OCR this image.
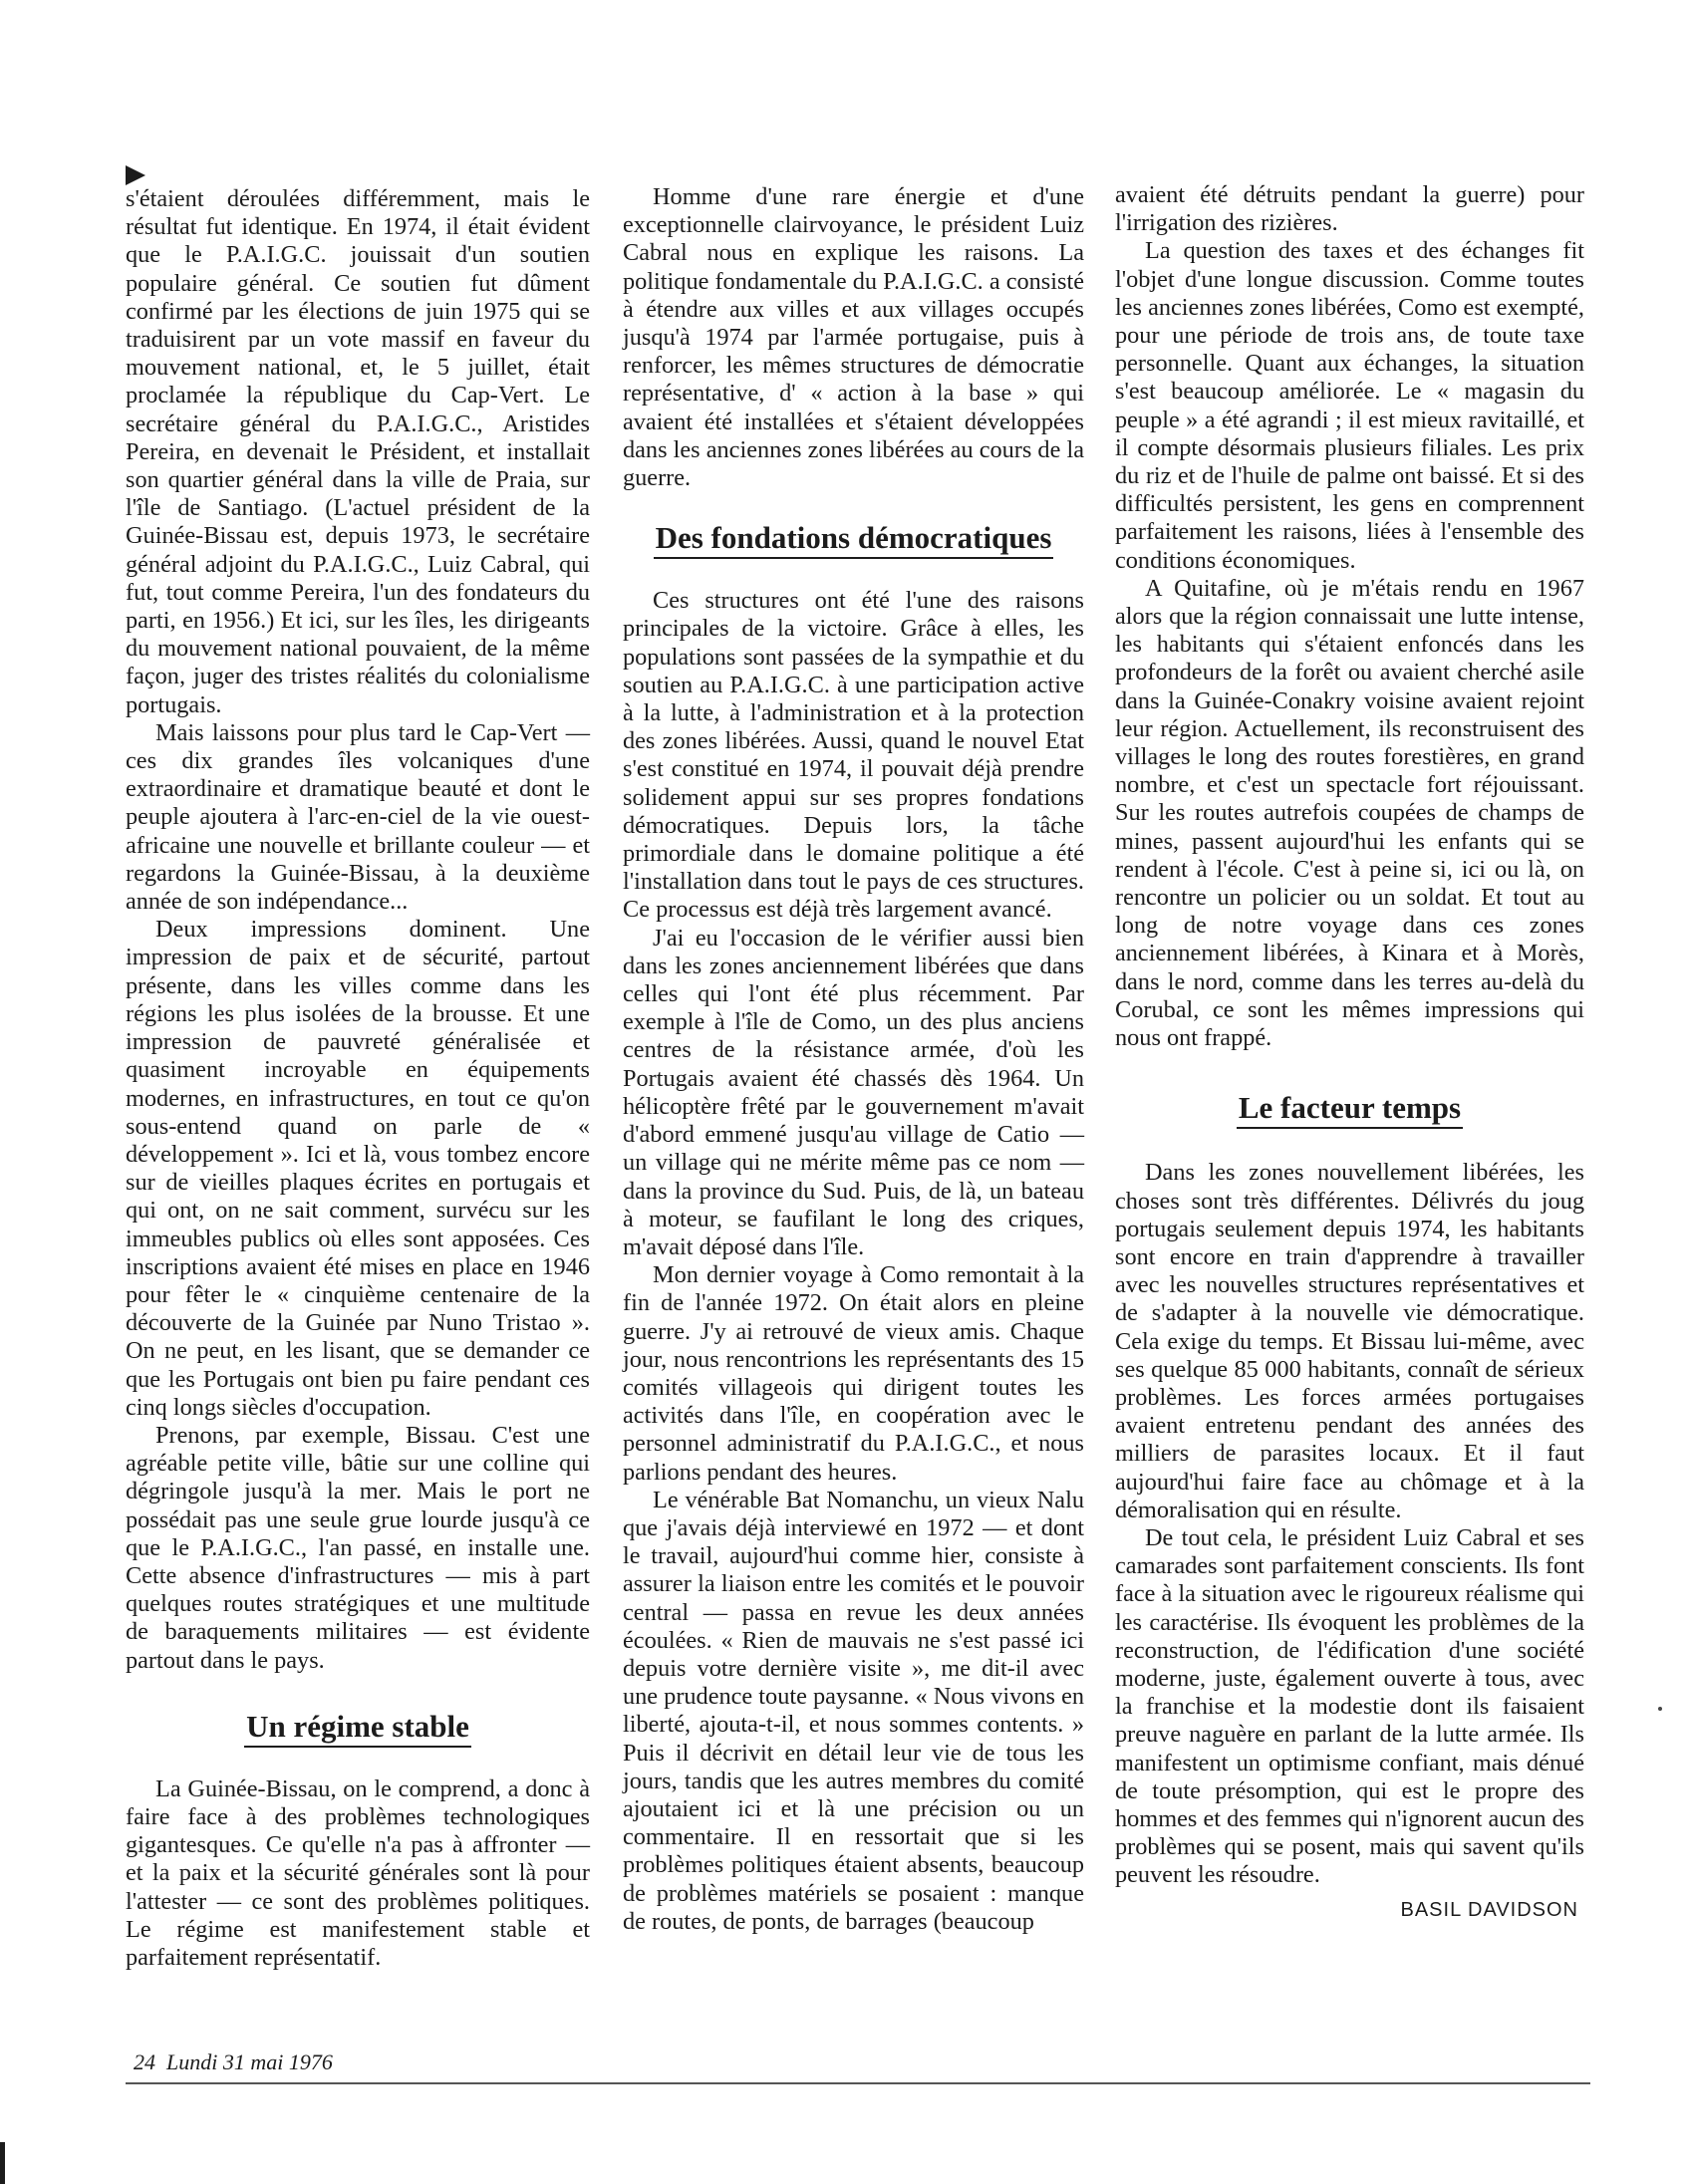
s'étaient déroulées différemment, mais le résultat fut identique. En 1974, il était évident que le P.A.I.G.C. jouissait d'un soutien populaire général. Ce soutien fut dûment confirmé par les élections de juin 1975 qui se traduisirent par un vote massif en faveur du mouvement national, et, le 5 juillet, était proclamée la république du Cap-Vert. Le secrétaire général du P.A.I.G.C., Aristides Pereira, en devenait le Président, et installait son quartier général dans la ville de Praia, sur l'île de Santiago. (L'actuel président de la Guinée-Bissau est, depuis 1973, le secrétaire général adjoint du P.A.I.G.C., Luiz Cabral, qui fut, tout comme Pereira, l'un des fondateurs du parti, en 1956.) Et ici, sur les îles, les dirigeants du mouvement national pouvaient, de la même façon, juger des tristes réalités du colonialisme portugais.

Mais laissons pour plus tard le Cap-Vert — ces dix grandes îles volcaniques d'une extraordinaire et dramatique beauté et dont le peuple ajoutera à l'arc-en-ciel de la vie ouest-africaine une nouvelle et brillante couleur — et regardons la Guinée-Bissau, à la deuxième année de son indépendance...

Deux impressions dominent. Une impression de paix et de sécurité, partout présente, dans les villes comme dans les régions les plus isolées de la brousse. Et une impression de pauvreté généralisée et quasiment incroyable en équipements modernes, en infrastructures, en tout ce qu'on sous-entend quand on parle de « développement ». Ici et là, vous tombez encore sur de vieilles plaques écrites en portugais et qui ont, on ne sait comment, survécu sur les immeubles publics où elles sont apposées. Ces inscriptions avaient été mises en place en 1946 pour fêter le « cinquième centenaire de la découverte de la Guinée par Nuno Tristao ». On ne peut, en les lisant, que se demander ce que les Portugais ont bien pu faire pendant ces cinq longs siècles d'occupation.

Prenons, par exemple, Bissau. C'est une agréable petite ville, bâtie sur une colline qui dégringole jusqu'à la mer. Mais le port ne possédait pas une seule grue lourde jusqu'à ce que le P.A.I.G.C., l'an passé, en installe une. Cette absence d'infrastructures — mis à part quelques routes stratégiques et une multitude de baraquements militaires — est évidente partout dans le pays.

Un régime stable

La Guinée-Bissau, on le comprend, a donc à faire face à des problèmes technologiques gigantesques. Ce qu'elle n'a pas à affronter — et la paix et la sécurité générales sont là pour l'attester — ce sont des problèmes politiques. Le régime est manifestement stable et parfaitement représentatif.

Homme d'une rare énergie et d'une exceptionnelle clairvoyance, le président Luiz Cabral nous en explique les raisons. La politique fondamentale du P.A.I.G.C. a consisté à étendre aux villes et aux villages occupés jusqu'à 1974 par l'armée portugaise, puis à renforcer, les mêmes structures de démocratie représentative, d' « action à la base » qui avaient été installées et s'étaient développées dans les anciennes zones libérées au cours de la guerre.

Des fondations démocratiques

Ces structures ont été l'une des raisons principales de la victoire. Grâce à elles, les populations sont passées de la sympathie et du soutien au P.A.I.G.C. à une participation active à la lutte, à l'administration et à la protection des zones libérées. Aussi, quand le nouvel Etat s'est constitué en 1974, il pouvait déjà prendre solidement appui sur ses propres fondations démocratiques. Depuis lors, la tâche primordiale dans le domaine politique a été l'installation dans tout le pays de ces structures. Ce processus est déjà très largement avancé.

J'ai eu l'occasion de le vérifier aussi bien dans les zones anciennement libérées que dans celles qui l'ont été plus récemment. Par exemple à l'île de Como, un des plus anciens centres de la résistance armée, d'où les Portugais avaient été chassés dès 1964. Un hélicoptère frêté par le gouvernement m'avait d'abord emmené jusqu'au village de Catio — un village qui ne mérite même pas ce nom — dans la province du Sud. Puis, de là, un bateau à moteur, se faufilant le long des criques, m'avait déposé dans l'île.

Mon dernier voyage à Como remontait à la fin de l'année 1972. On était alors en pleine guerre. J'y ai retrouvé de vieux amis. Chaque jour, nous rencontrions les représentants des 15 comités villageois qui dirigent toutes les activités dans l'île, en coopération avec le personnel administratif du P.A.I.G.C., et nous parlions pendant des heures.

Le vénérable Bat Nomanchu, un vieux Nalu que j'avais déjà interviewé en 1972 — et dont le travail, aujourd'hui comme hier, consiste à assurer la liaison entre les comités et le pouvoir central — passa en revue les deux années écoulées. « Rien de mauvais ne s'est passé ici depuis votre dernière visite », me dit-il avec une prudence toute paysanne. « Nous vivons en liberté, ajouta-t-il, et nous sommes contents. » Puis il décrivit en détail leur vie de tous les jours, tandis que les autres membres du comité ajoutaient ici et là une précision ou un commentaire. Il en ressortait que si les problèmes politiques étaient absents, beaucoup de problèmes matériels se posaient : manque de routes, de ponts, de barrages (beaucoup

avaient été détruits pendant la guerre) pour l'irrigation des rizières.

La question des taxes et des échanges fit l'objet d'une longue discussion. Comme toutes les anciennes zones libérées, Como est exempté, pour une période de trois ans, de toute taxe personnelle. Quant aux échanges, la situation s'est beaucoup améliorée. Le « magasin du peuple » a été agrandi ; il est mieux ravitaillé, et il compte désormais plusieurs filiales. Les prix du riz et de l'huile de palme ont baissé. Et si des difficultés persistent, les gens en comprennent parfaitement les raisons, liées à l'ensemble des conditions économiques.

A Quitafine, où je m'étais rendu en 1967 alors que la région connaissait une lutte intense, les habitants qui s'étaient enfoncés dans les profondeurs de la forêt ou avaient cherché asile dans la Guinée-Conakry voisine avaient rejoint leur région. Actuellement, ils reconstruisent des villages le long des routes forestières, en grand nombre, et c'est un spectacle fort réjouissant. Sur les routes autrefois coupées de champs de mines, passent aujourd'hui les enfants qui se rendent à l'école. C'est à peine si, ici ou là, on rencontre un policier ou un soldat. Et tout au long de notre voyage dans ces zones anciennement libérées, à Kinara et à Morès, dans le nord, comme dans les terres au-delà du Corubal, ce sont les mêmes impressions qui nous ont frappé.

Le facteur temps

Dans les zones nouvellement libérées, les choses sont très différentes. Délivrés du joug portugais seulement depuis 1974, les habitants sont encore en train d'apprendre à travailler avec les nouvelles structures représentatives et de s'adapter à la nouvelle vie démocratique. Cela exige du temps. Et Bissau lui-même, avec ses quelque 85 000 habitants, connaît de sérieux problèmes. Les forces armées portugaises avaient entretenu pendant des années des milliers de parasites locaux. Et il faut aujourd'hui faire face au chômage et à la démoralisation qui en résulte.

De tout cela, le président Luiz Cabral et ses camarades sont parfaitement conscients. Ils font face à la situation avec le rigoureux réalisme qui les caractérise. Ils évoquent les problèmes de la reconstruction, de l'édification d'une société moderne, juste, également ouverte à tous, avec la franchise et la modestie dont ils faisaient preuve naguère en parlant de la lutte armée. Ils manifestent un optimisme confiant, mais dénué de toute présomption, qui est le propre des hommes et des femmes qui n'ignorent aucun des problèmes qui se posent, mais qui savent qu'ils peuvent les résoudre.

BASIL DAVIDSON
24 Lundi 31 mai 1976
